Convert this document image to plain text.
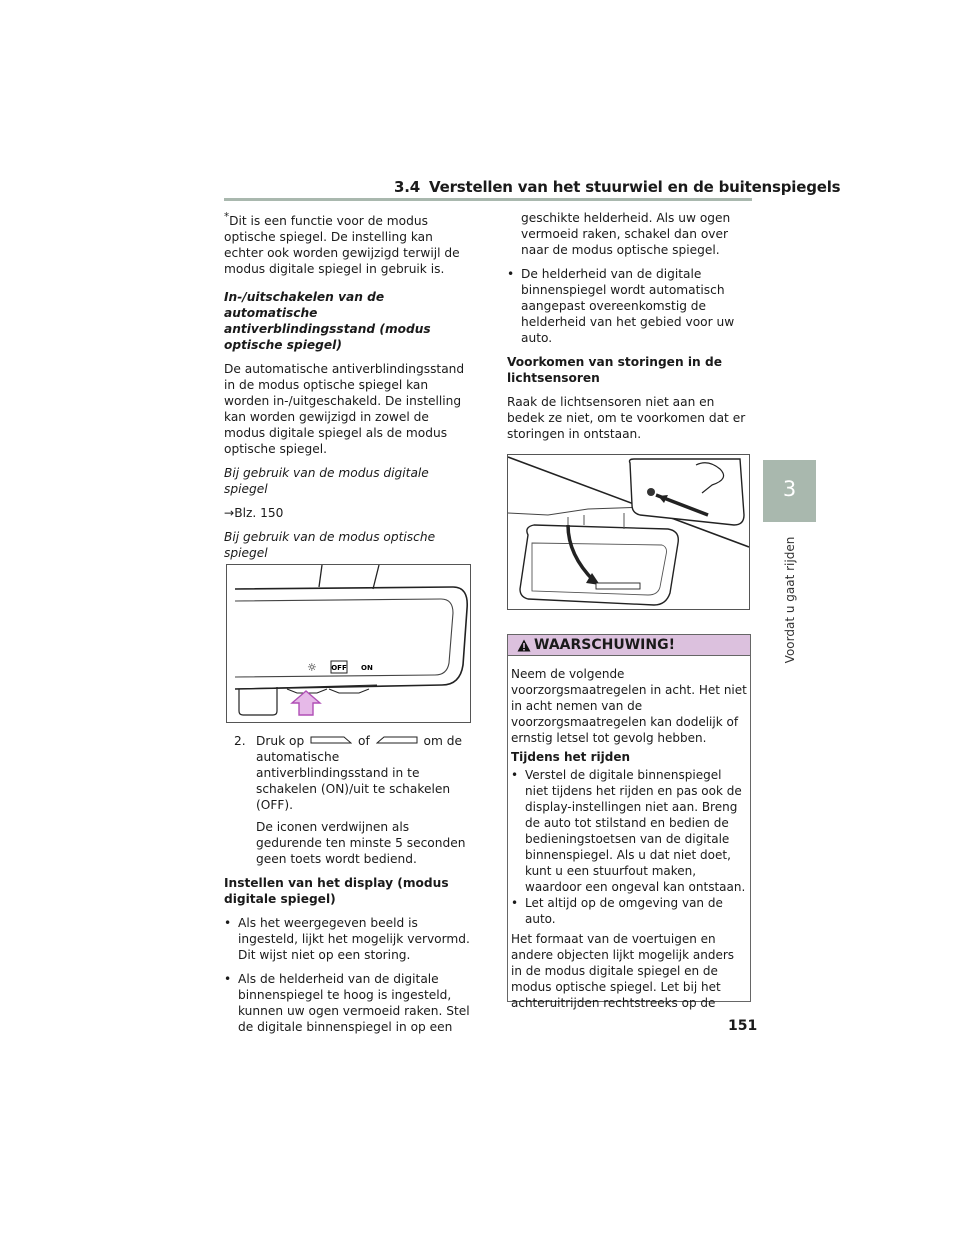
3.4 Verstellen van het stuurwiel en de buitenspiegels
3
Voordat u gaat rijden

*Dit is een functie voor de modus optische spiegel. De instelling kan echter ook worden gewijzigd terwijl de modus digitale spiegel in gebruik is.

In-/uitschakelen van de automatische antiverblindingsstand (modus optische spiegel)

De automatische antiverblindingsstand in de modus optische spiegel kan worden in-/uitgeschakeld. De instelling kan worden gewijzigd in zowel de modus digitale spiegel als de modus optische spiegel.

Bij gebruik van de modus digitale spiegel

→Blz. 150

Bij gebruik van de modus optische spiegel

☼ OFF ON
2. Druk op	of	om de automatische antiverblindingsstand in te schakelen (ON)/uit te schakelen (OFF).
De iconen verdwijnen als gedurende ten minste 5 seconden geen toets wordt bediend.

Instellen van het display (modus digitale spiegel)

• Als het weergegeven beeld is ingesteld, lijkt het mogelijk vervormd. Dit wijst niet op een storing.
• Als de helderheid van de digitale binnenspiegel te hoog is ingesteld, kunnen uw ogen vermoeid raken. Stel de digitale binnenspiegel in op een
geschikte helderheid. Als uw ogen vermoeid raken, schakel dan over naar de modus optische spiegel.
• De helderheid van de digitale binnenspiegel wordt automatisch aangepast overeenkomstig de helderheid van het gebied voor uw auto.

Voorkomen van storingen in de lichtsensoren

Raak de lichtsensoren niet aan en bedek ze niet, om te voorkomen dat er storingen in ontstaan.

WAARSCHUWING!

Neem de volgende voorzorgsmaatregelen in acht. Het niet in acht nemen van de voorzorgsmaatregelen kan dodelijk of ernstig letsel tot gevolg hebben.

Tijdens het rijden

• Verstel de digitale binnenspiegel niet tijdens het rijden en pas ook de display-instellingen niet aan. Breng de auto tot stilstand en bedien de bedieningstoetsen van de digitale binnenspiegel. Als u dat niet doet, kunt u een stuurfout maken, waardoor een ongeval kan ontstaan.
• Let altijd op de omgeving van de auto.

Het formaat van de voertuigen en andere objecten lijkt mogelijk anders in de modus digitale spiegel en de modus optische spiegel. Let bij het achteruitrijden rechtstreeks op de

151
